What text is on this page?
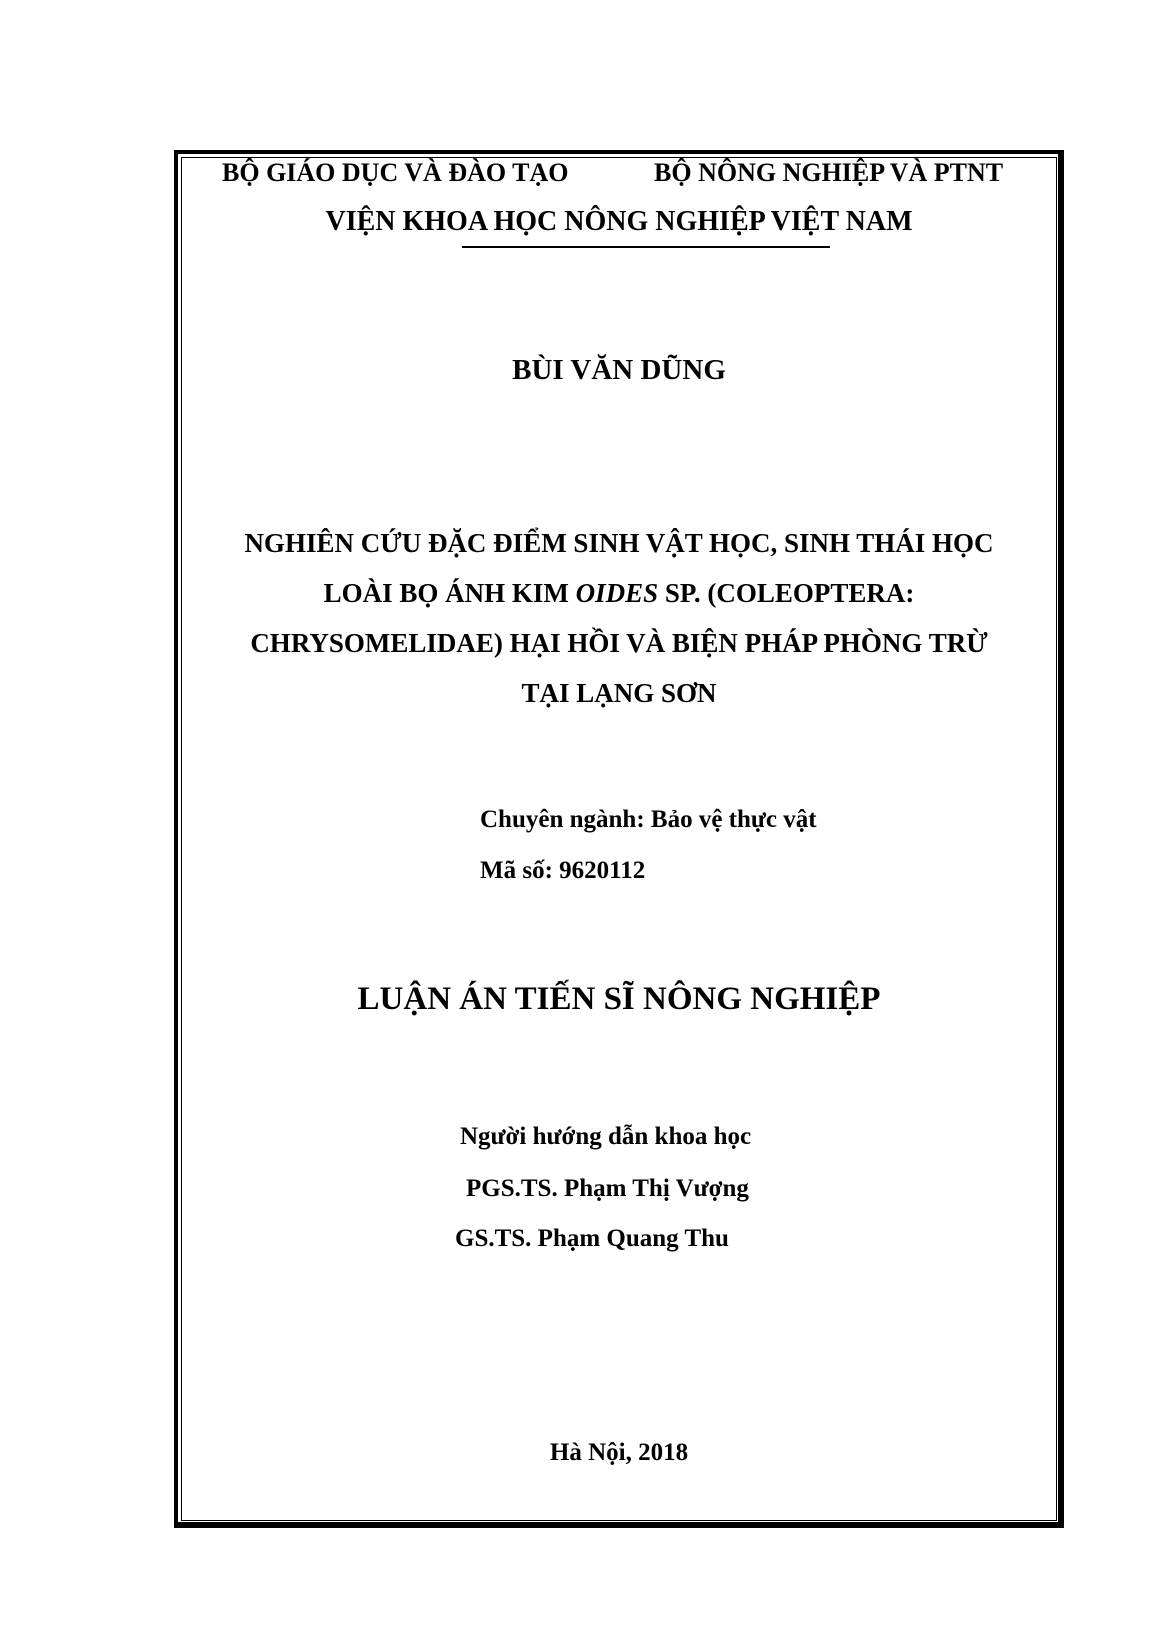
BỘ GIÁO DỤC VÀ ĐÀO TẠO	BỘ NÔNG NGHIỆP VÀ PTNT
VIỆN KHOA HỌC NÔNG NGHIỆP VIỆT NAM
BÙI VĂN DŨNG
NGHIÊN CỨU ĐẶC ĐIỂM SINH VẬT HỌC, SINH THÁI HỌC
LOÀI BỌ ÁNH KIM OIDES SP. (COLEOPTERA:
CHRYSOMELIDAE) HẠI HỒI VÀ BIỆN PHÁP PHÒNG TRỪ
TẠI LẠNG SƠN
Chuyên ngành: Bảo vệ thực vật
Mã số: 9620112
LUẬN ÁN TIẾN SĨ NÔNG NGHIỆP
Người hướng dẫn khoa học
PGS.TS. Phạm Thị Vượng
GS.TS. Phạm Quang Thu
Hà Nội, 2018
